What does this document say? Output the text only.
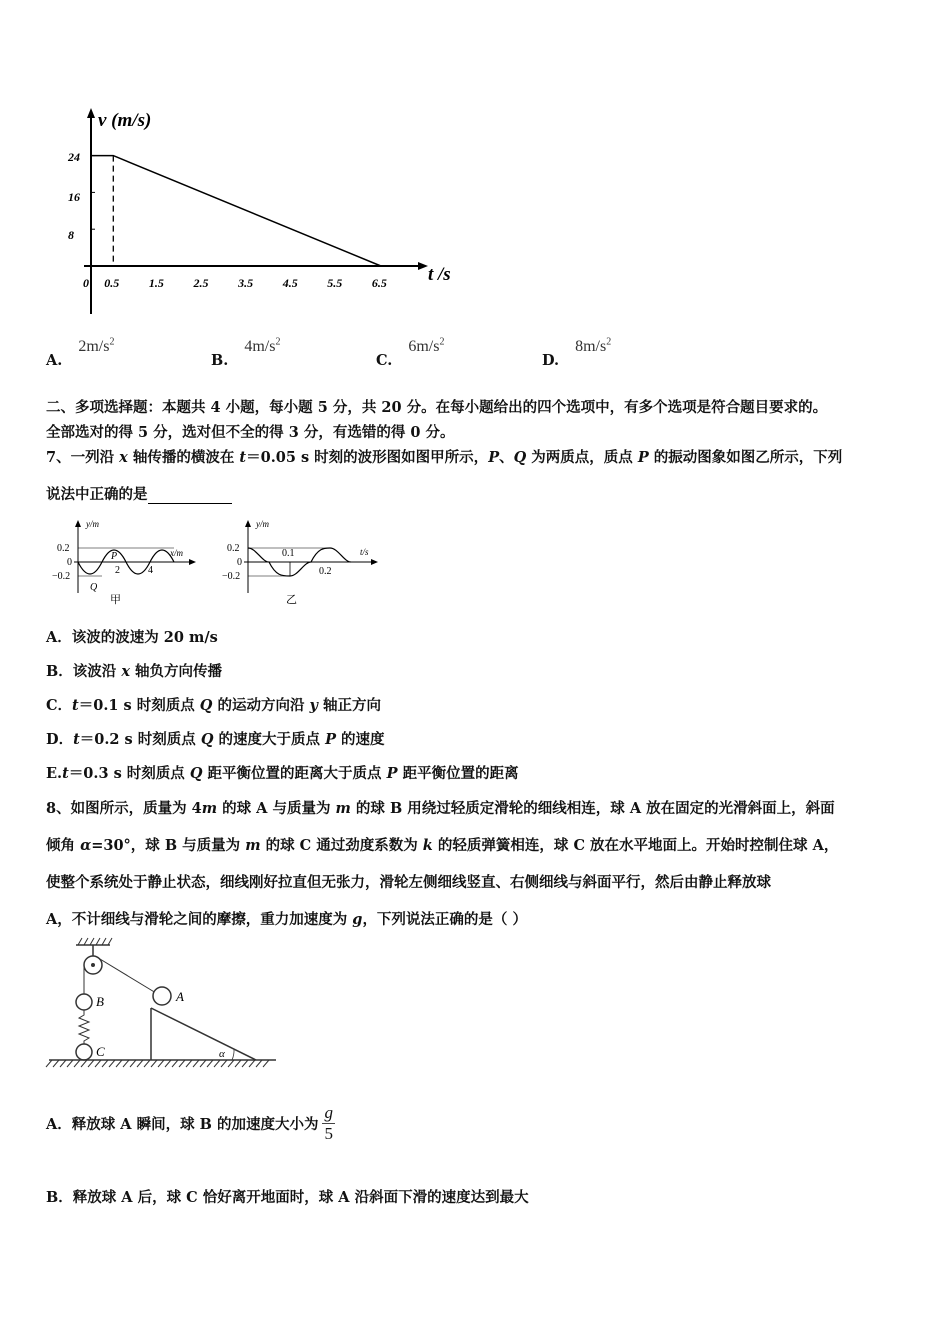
v (m/s)
t /s
24
16
8
0 0.5 1.5 2.5 3.5 4.5 5.5 6.5
$A.2m/s^2$
$B.4m/s^2$
$C.6m/s^2$
$D.8m/s^2$
二、多项选择题：本题共 4 小题，每小题 5 分，共 20 分。在每小题给出的四个选项中，有多个选项是符合题目要求的。
全部选对的得 5 分，选对但不全的得 3 分，有选错的得 0 分。
7、一列沿 x 轴传播的横波在 t＝0.05 s 时刻的波形图如图甲所示，P、Q 为两质点，质点 P 的振动图象如图乙所示，下列
说法中正确的是
y/m
x/m
0.2
0
−0.2
2	4
P
Q
甲
y/m
t/s
0.2
0
−0.2
0.1
0.2
乙
A．该波的波速为 20 m/s
B．该波沿 x 轴负方向传播
C．t＝0.1 s 时刻质点 Q 的运动方向沿 y 轴正方向
D．t＝0.2 s 时刻质点 Q 的速度大于质点 P 的速度
E.t＝0.3 s 时刻质点 Q 距平衡位置的距离大于质点 P 距平衡位置的距离
8、如图所示，质量为 4m 的球 A 与质量为 m 的球 B 用绕过轻质定滑轮的细线相连，球 A 放在固定的光滑斜面上，斜面
倾角 α=30°，球 B 与质量为 m 的球 C 通过劲度系数为 k 的轻质弹簧相连，球 C 放在水平地面上。开始时控制住球 A，
使整个系统处于静止状态，细线刚好拉直但无张力，滑轮左侧细线竖直、右侧细线与斜面平行，然后由静止释放球
A，不计细线与滑轮之间的摩擦，重力加速度为 g，下列说法正确的是（ ）
B
C
A
α
A．释放球 A 瞬间，球 B 的加速度大小为 $\frac{g}{5}$
B．释放球 A 后，球 C 恰好离开地面时，球 A 沿斜面下滑的速度达到最大
